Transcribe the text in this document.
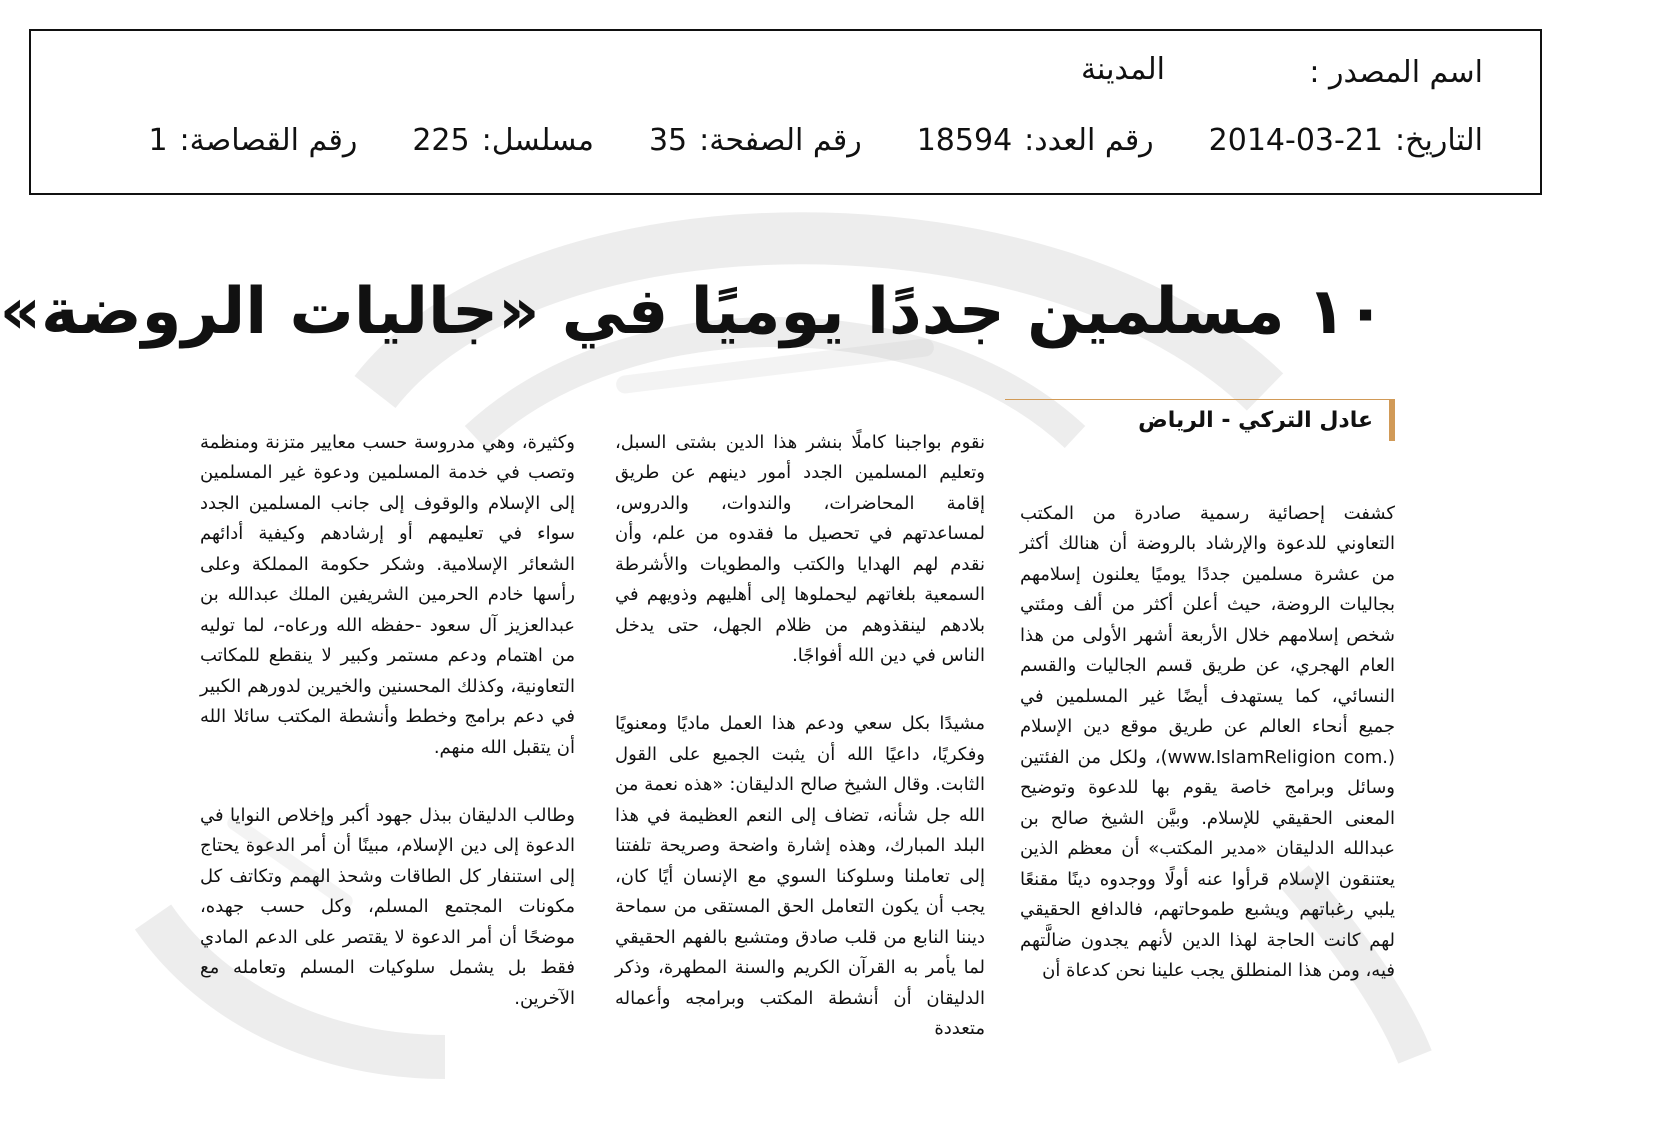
اسم المصدر :
المدينة
التاريخ:
2014-03-21
رقم العدد:
18594
رقم الصفحة:
35
مسلسل:
225
رقم القصاصة:
1
١٠ مسلمين جددًا يوميًا في «جاليات الروضة»
عادل التركي - الرياض

كشفت إحصائية رسمية صادرة من المكتب التعاوني للدعوة والإرشاد بالروضة أن هنالك أكثر من عشرة مسلمين جددًا يوميًا يعلنون إسلامهم بجاليات الروضة، حيث أعلن أكثر من ألف ومئتي شخص إسلامهم خلال الأربعة أشهر الأولى من هذا العام الهجري، عن طريق قسم الجاليات والقسم النسائي، كما يستهدف أيضًا غير المسلمين في جميع أنحاء العالم عن طريق موقع دين الإسلام (.www.IslamReligion com)، ولكل من الفئتين وسائل وبرامج خاصة يقوم بها للدعوة وتوضيح المعنى الحقيقي للإسلام. وبيَّن الشيخ صالح بن عبدالله الدليقان «مدير المكتب» أن معظم الذين يعتنقون الإسلام قرأوا عنه أولًا ووجدوه دينًا مقنعًا يلبي رغباتهم ويشبع طموحاتهم، فالدافع الحقيقي لهم كانت الحاجة لهذا الدين لأنهم يجدون ضالَّتهم فيه، ومن هذا المنطلق يجب علينا نحن كدعاة أن

نقوم بواجبنا كاملًا بنشر هذا الدين بشتى السبل، وتعليم المسلمين الجدد أمور دينهم عن طريق إقامة المحاضرات، والندوات، والدروس، لمساعدتهم في تحصيل ما فقدوه من علم، وأن نقدم لهم الهدايا والكتب والمطويات والأشرطة السمعية بلغاتهم ليحملوها إلى أهليهم وذويهم في بلادهم لينقذوهم من ظلام الجهل، حتى يدخل الناس في دين الله أفواجًا.

مشيدًا بكل سعي ودعم هذا العمل ماديًا ومعنويًا وفكريًا، داعيًا الله أن يثبت الجميع على القول الثابت. وقال الشيخ صالح الدليقان: «هذه نعمة من الله جل شأنه، تضاف إلى النعم العظيمة في هذا البلد المبارك، وهذه إشارة واضحة وصريحة تلفتنا إلى تعاملنا وسلوكنا السوي مع الإنسان أيًا كان، يجب أن يكون التعامل الحق المستقى من سماحة ديننا النابع من قلب صادق ومتشبع بالفهم الحقيقي لما يأمر به القرآن الكريم والسنة المطهرة، وذكر الدليقان أن أنشطة المكتب وبرامجه وأعماله متعددة

وكثيرة، وهي مدروسة حسب معايير متزنة ومنظمة وتصب في خدمة المسلمين ودعوة غير المسلمين إلى الإسلام والوقوف إلى جانب المسلمين الجدد سواء في تعليمهم أو إرشادهم وكيفية أدائهم الشعائر الإسلامية. وشكر حكومة المملكة وعلى رأسها خادم الحرمين الشريفين الملك عبدالله بن عبدالعزيز آل سعود -حفظه الله ورعاه-، لما توليه من اهتمام ودعم مستمر وكبير لا ينقطع للمكاتب التعاونية، وكذلك المحسنين والخيرين لدورهم الكبير في دعم برامج وخطط وأنشطة المكتب سائلا الله أن يتقبل الله منهم.

وطالب الدليقان ببذل جهود أكبر وإخلاص النوايا في الدعوة إلى دين الإسلام، مبينًا أن أمر الدعوة يحتاج إلى استنفار كل الطاقات وشحذ الهمم وتكاتف كل مكونات المجتمع المسلم، وكل حسب جهده، موضحًا أن أمر الدعوة لا يقتصر على الدعم المادي فقط بل يشمل سلوكيات المسلم وتعامله مع الآخرين.
